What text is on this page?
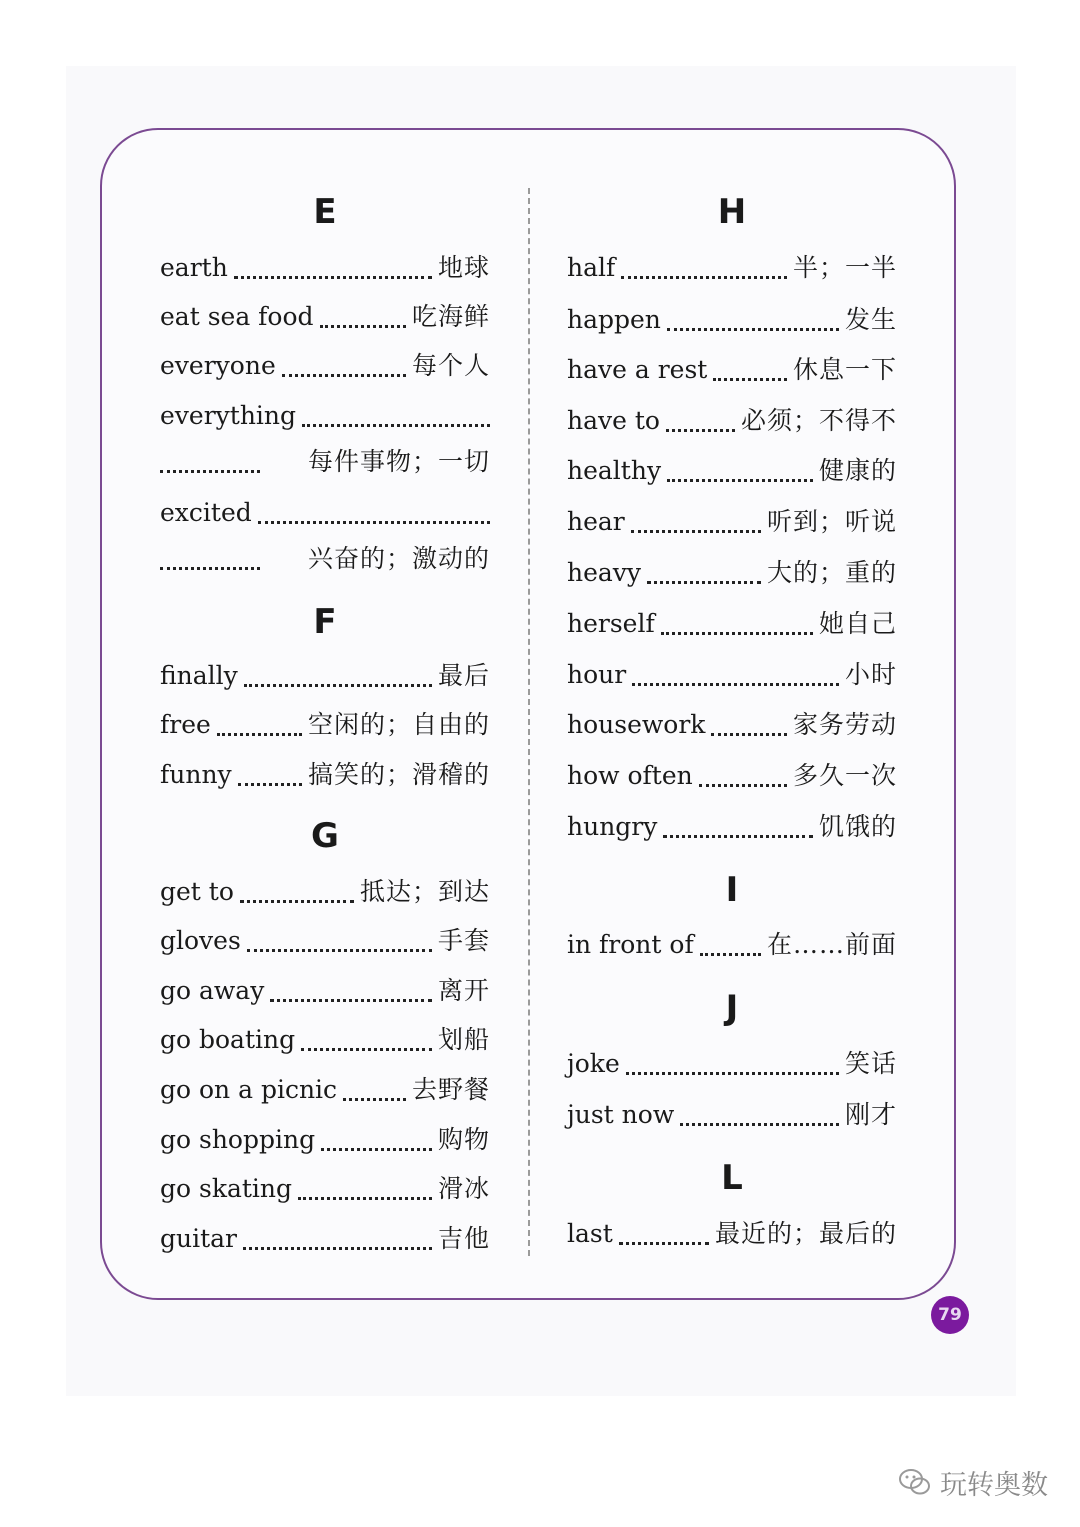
E
earth	地球
eat sea food	吃海鲜
everyone	每个人
everything
每件事物；一切
excited
兴奋的；激动的
F
finally	最后
free	空闲的；自由的
funny	搞笑的；滑稽的
G
get to	抵达；到达
gloves	手套
go away	离开
go boating	划船
go on a picnic	去野餐
go shopping	购物
go skating	滑冰
guitar	吉他
H
half	半；一半
happen	发生
have a rest	休息一下
have to	必须；不得不
healthy	健康的
hear	听到；听说
heavy	大的；重的
herself	她自己
hour	小时
housework	家务劳动
how often	多久一次
hungry	饥饿的
I
in front of	在……前面
J
joke	笑话
just now	刚才
L
last	最近的；最后的
79
玩转奥数
